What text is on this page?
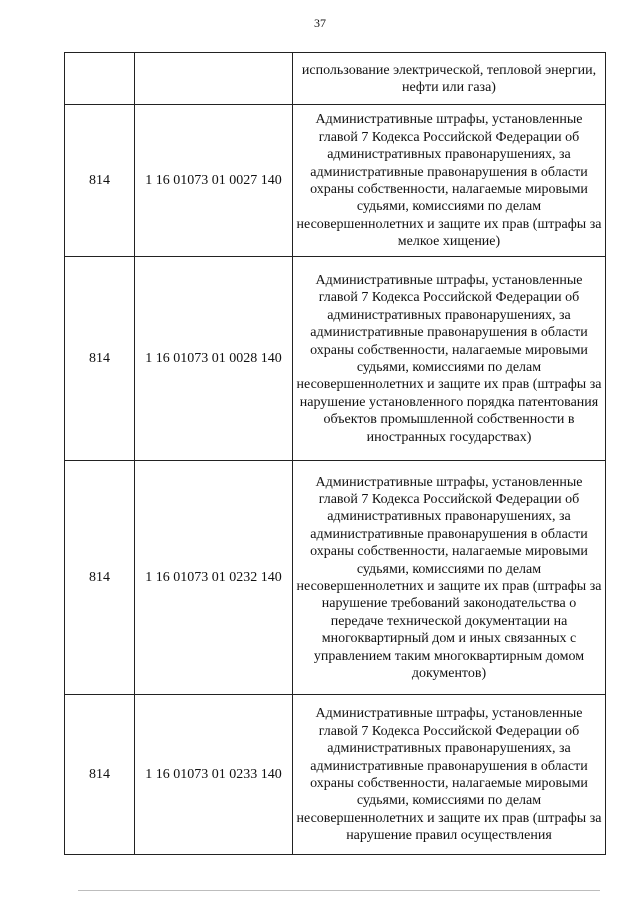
37
		использование электрической, тепловой энергии, нефти или газа)
814	1 16 01073 01 0027 140	Административные штрафы, установленные главой 7 Кодекса Российской Федерации об административных правонарушениях, за административные правонарушения в области охраны собственности, налагаемые мировыми судьями, комиссиями по делам несовершеннолетних и защите их прав (штрафы за мелкое хищение)
814	1 16 01073 01 0028 140	Административные штрафы, установленные главой 7 Кодекса Российской Федерации об административных правонарушениях, за административные правонарушения в области охраны собственности, налагаемые мировыми судьями, комиссиями по делам несовершеннолетних и защите их прав (штрафы за нарушение установленного порядка патентования объектов промышленной собственности в иностранных государствах)
814	1 16 01073 01 0232 140	Административные штрафы, установленные главой 7 Кодекса Российской Федерации об административных правонарушениях, за административные правонарушения в области охраны собственности, налагаемые мировыми судьями, комиссиями по делам несовершеннолетних и защите их прав (штрафы за нарушение требований законодательства о передаче технической документации на многоквартирный дом и иных связанных с управлением таким многоквартирным домом документов)
814	1 16 01073 01 0233 140	Административные штрафы, установленные главой 7 Кодекса Российской Федерации об административных правонарушениях, за административные правонарушения в области охраны собственности, налагаемые мировыми судьями, комиссиями по делам несовершеннолетних и защите их прав (штрафы за нарушение правил осуществления
